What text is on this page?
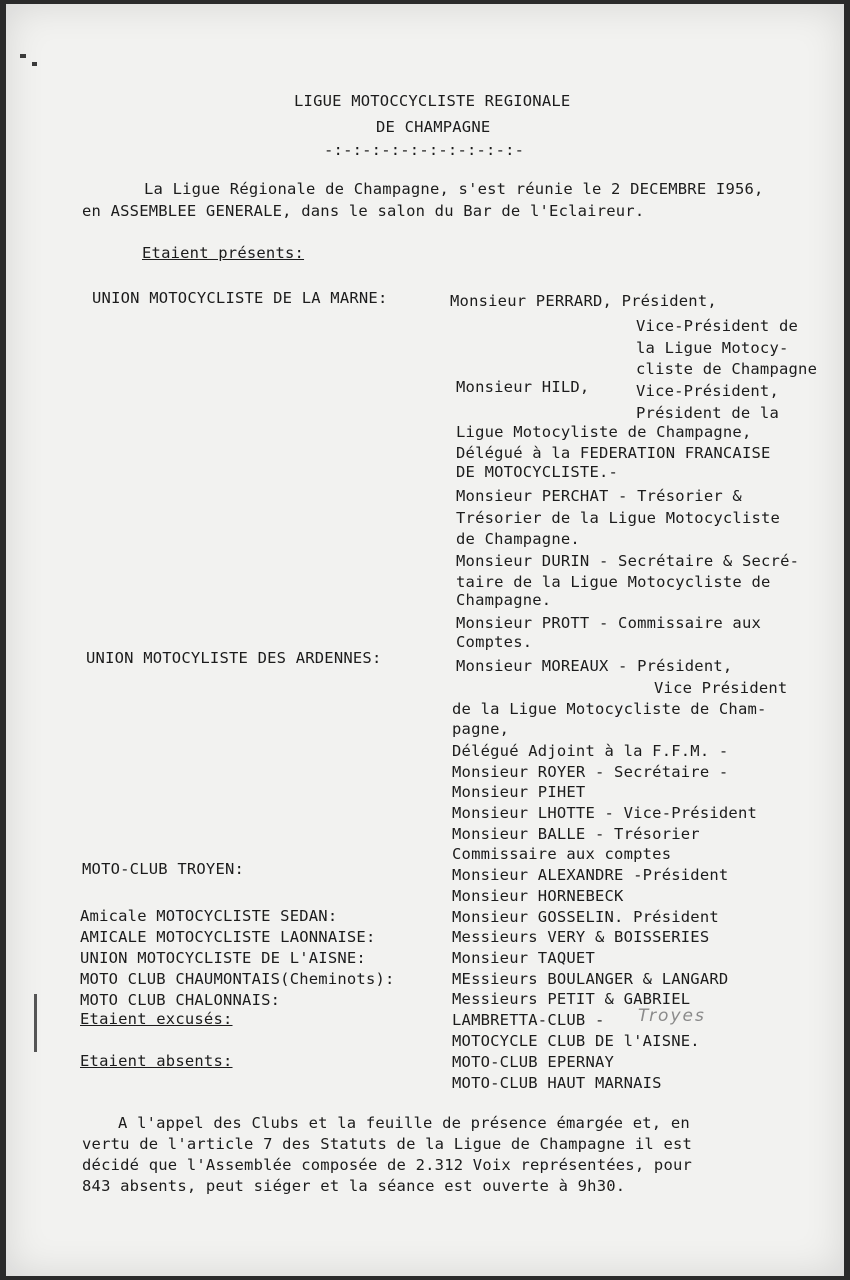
LIGUE MOTOCCYCLISTE REGIONALE
DE CHAMPAGNE
-:-:-:-:-:-:-:-:-:-:-
La Ligue Régionale de Champagne, s'est réunie le 2 DECEMBRE I956,
en ASSEMBLEE GENERALE, dans le salon du Bar de l'Eclaireur.
Etaient présents:
UNION MOTOCYCLISTE DE LA MARNE:
UNION MOTOCYLISTE DES ARDENNES:
MOTO-CLUB TROYEN:
Amicale MOTOCYCLISTE SEDAN:
AMICALE MOTOCYCLISTE LAONNAISE:
UNION MOTOCYCLISTE DE L'AISNE:
MOTO CLUB CHAUMONTAIS(Cheminots):
MOTO CLUB CHALONNAIS:
Etaient excusés:
Etaient absents:
Monsieur PERRARD, Président,
Vice-Président de
la Ligue Motocy-
cliste de Champagne
Monsieur HILD,	Vice-Président,
Président de la
Ligue Motocyliste de Champagne,
Délégué à la FEDERATION FRANCAISE
DE MOTOCYCLISTE.-
Monsieur PERCHAT - Trésorier &
Trésorier de la Ligue Motocycliste
de Champagne.
Monsieur DURIN - Secrétaire & Secré-
taire de la Ligue Motocycliste de
Champagne.
Monsieur PROTT - Commissaire aux
Comptes.
Monsieur MOREAUX - Président,
Vice Président
de la Ligue Motocycliste de Cham-
pagne,
Délégué Adjoint à la F.F.M. -
Monsieur ROYER - Secrétaire -
Monsieur PIHET
Monsieur LHOTTE - Vice-Président
Monsieur BALLE - Trésorier
Commissaire aux comptes
Monsieur ALEXANDRE -Président
Monsieur HORNEBECK
Monsieur GOSSELIN. Président
Messieurs VERY & BOISSERIES
Monsieur TAQUET
MEssieurs BOULANGER & LANGARD
Messieurs PETIT & GABRIEL
LAMBRETTA-CLUB - Troyes
MOTOCYCLE CLUB DE l'AISNE.
MOTO-CLUB EPERNAY
MOTO-CLUB HAUT MARNAIS
A l'appel des Clubs et la feuille de présence émargée et, en
vertu de l'article 7 des Statuts de la Ligue de Champagne il est
décidé que l'Assemblée composée de 2.312 Voix représentées, pour
843 absents, peut siéger et la séance est ouverte à 9h30.
